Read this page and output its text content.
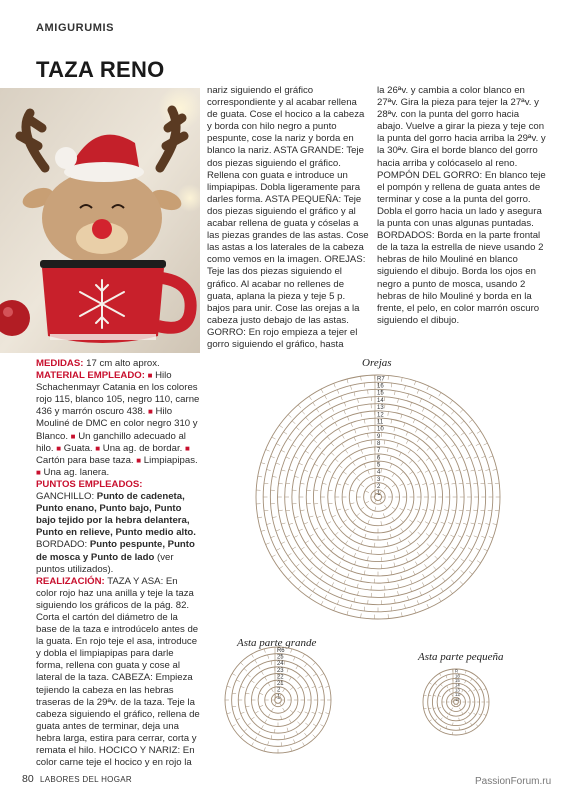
AMIGURUMIS
TAZA RENO

MEDIDAS: 17 cm alto aprox.

MATERIAL EMPLEADO: ■ Hilo Schachenmayr Catania en los colores rojo 115, blanco 105, negro 110, carne 436 y marrón oscuro 438. ■ Hilo Mouliné de DMC en color negro 310 y Blanco. ■ Un ganchillo adecuado al hilo. ■ Guata. ■ Una ag. de bordar. ■ Cartón para base taza. ■ Limpiapipas. ■ Una ag. lanera.

PUNTOS EMPLEADOS: GANCHILLO: Punto de cadeneta, Punto enano, Punto bajo, Punto bajo tejido por la hebra delantera, Punto en relieve, Punto medio alto. BORDADO: Punto pespunte, Punto de mosca y Punto de lado (ver puntos utilizados).

REALIZACIÓN: TAZA Y ASA: En color rojo haz una anilla y teje la taza siguiendo los gráficos de la pág. 82. Corta el cartón del diámetro de la base de la taza e introdúcelo antes de la guata. En rojo teje el asa, introduce y dobla el limpiapipas para darle forma, rellena con guata y cose al lateral de la taza. CABEZA: Empieza tejiendo la cabeza en las hebras traseras de la 29ªv. de la taza. Teje la cabeza siguiendo el gráfico, rellena de guata antes de terminar, deja una hebra larga, estira para cerrar, corta y remata el hilo. HOCICO Y NARIZ: En color carne teje el hocico y en rojo la

nariz siguiendo el gráfico correspondiente y al acabar rellena de guata. Cose el hocico a la cabeza y borda con hilo negro a punto pespunte, cose la nariz y borda en blanco la nariz. ASTA GRANDE: Teje dos piezas siguiendo el gráfico. Rellena con guata e introduce un limpiapipas. Dobla ligeramente para darles forma. ASTA PEQUEÑA: Teje dos piezas siguiendo el gráfico y al acabar rellena de guata y cóselas a las piezas grandes de las astas. Cose las astas a los laterales de la cabeza como vemos en la imagen. OREJAS: Teje las dos piezas siguiendo el gráfico. Al acabar no rellenes de guata, aplana la pieza y teje 5 p. bajos para unir. Cose las orejas a la cabeza justo debajo de las astas. GORRO: En rojo empieza a tejer el gorro siguiendo el gráfico, hasta

la 26ªv. y cambia a color blanco en 27ªv. Gira la pieza para tejer la 27ªv. y 28ªv. con la punta del gorro hacia abajo. Vuelve a girar la pieza y teje con la punta del gorro hacia arriba la 29ªv. y la 30ªv. Gira el borde blanco del gorro hacia arriba y colócaselo al reno. POMPÓN DEL GORRO: En blanco teje el pompón y rellena de guata antes de terminar y cose a la punta del gorro. Dobla el gorro hacia un lado y asegura la punta con unas algunas puntadas. BORDADOS: Borda en la parte frontal de la taza la estrella de nieve usando 2 hebras de hilo Mouliné en blanco siguiendo el dibujo. Borda los ojos en negro a punto de mosca, usando 2 hebras de hilo Mouliné y borda en la frente, el pelo, en color marrón oscuro siguiendo el dibujo.

Orejas
Asta parte grande
Asta parte pequeña
R7
16
15
14
13
12
11
10
9
8
7
6
5
4
3
2
1
R6
25
24
23
22
21
2
1
R
16
15
14
13
12
11
80 LABORES DEL HOGAR	PassionForum.ru
